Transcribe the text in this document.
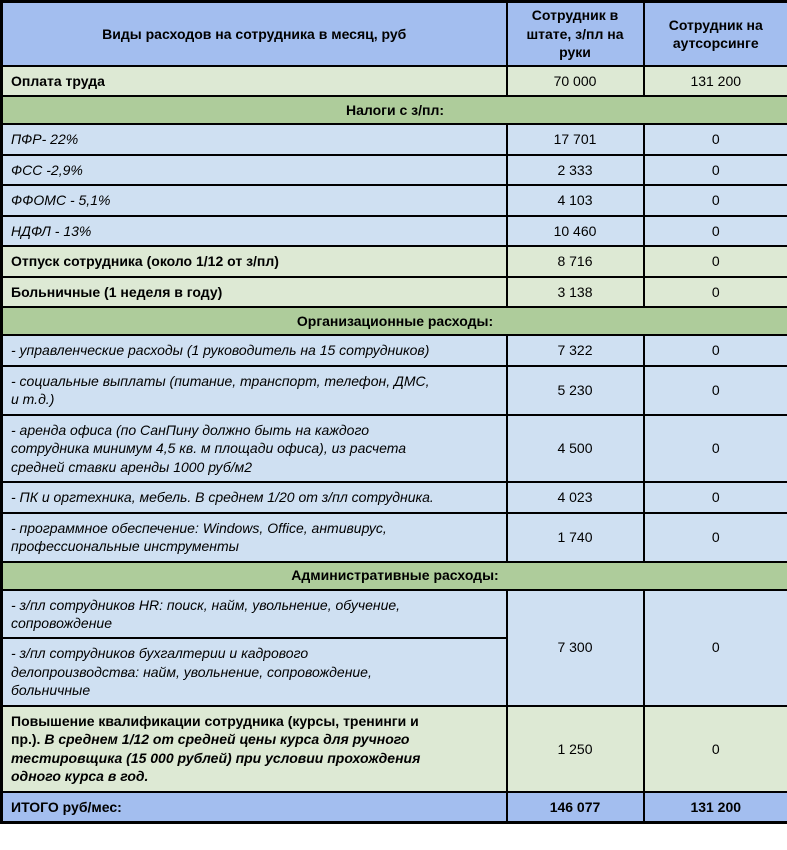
Виды расходов на сотрудника в месяц, руб	Сотрудник в штате, з/пл на руки	Сотрудник на аутсорсинге
Оплата труда	70 000	131 200
Налоги с з/пл:		
ПФР- 22%	17 701	0
ФСС -2,9%	2 333	0
ФФОМС - 5,1%	4 103	0
НДФЛ - 13%	10 460	0
Отпуск сотрудника (около 1/12 от з/пл)	8 716	0
Больничные (1 неделя в году)	3 138	0
Организационные расходы:		
- управленческие расходы (1 руководитель на 15 сотрудников)	7 322	0
- социальные выплаты (питание, транспорт, телефон, ДМС, и т.д.)	5 230	0
- аренда офиса (по СанПину должно быть на каждого сотрудника минимум 4,5 кв. м площади офиса), из расчета средней ставки аренды 1000 руб/м2	4 500	0
- ПК и оргтехника, мебель. В среднем 1/20 от з/пл сотрудника.	4 023	0
- программное обеспечение: Windows, Office, антивирус, профессиональные инструменты	1 740	0
Административные расходы:		
- з/пл сотрудников HR: поиск, найм, увольнение, обучение, сопровождение	7 300	0
- з/пл сотрудников бухгалтерии и кадрового делопроизводства: найм, увольнение, сопровождение, больничные		
Повышение квалификации сотрудника (курсы, тренинги и пр.). В среднем 1/12 от средней цены курса для ручного тестировщика (15 000 рублей) при условии прохождения одного курса в год.	1 250	0
ИТОГО руб/мес:	146 077	131 200
